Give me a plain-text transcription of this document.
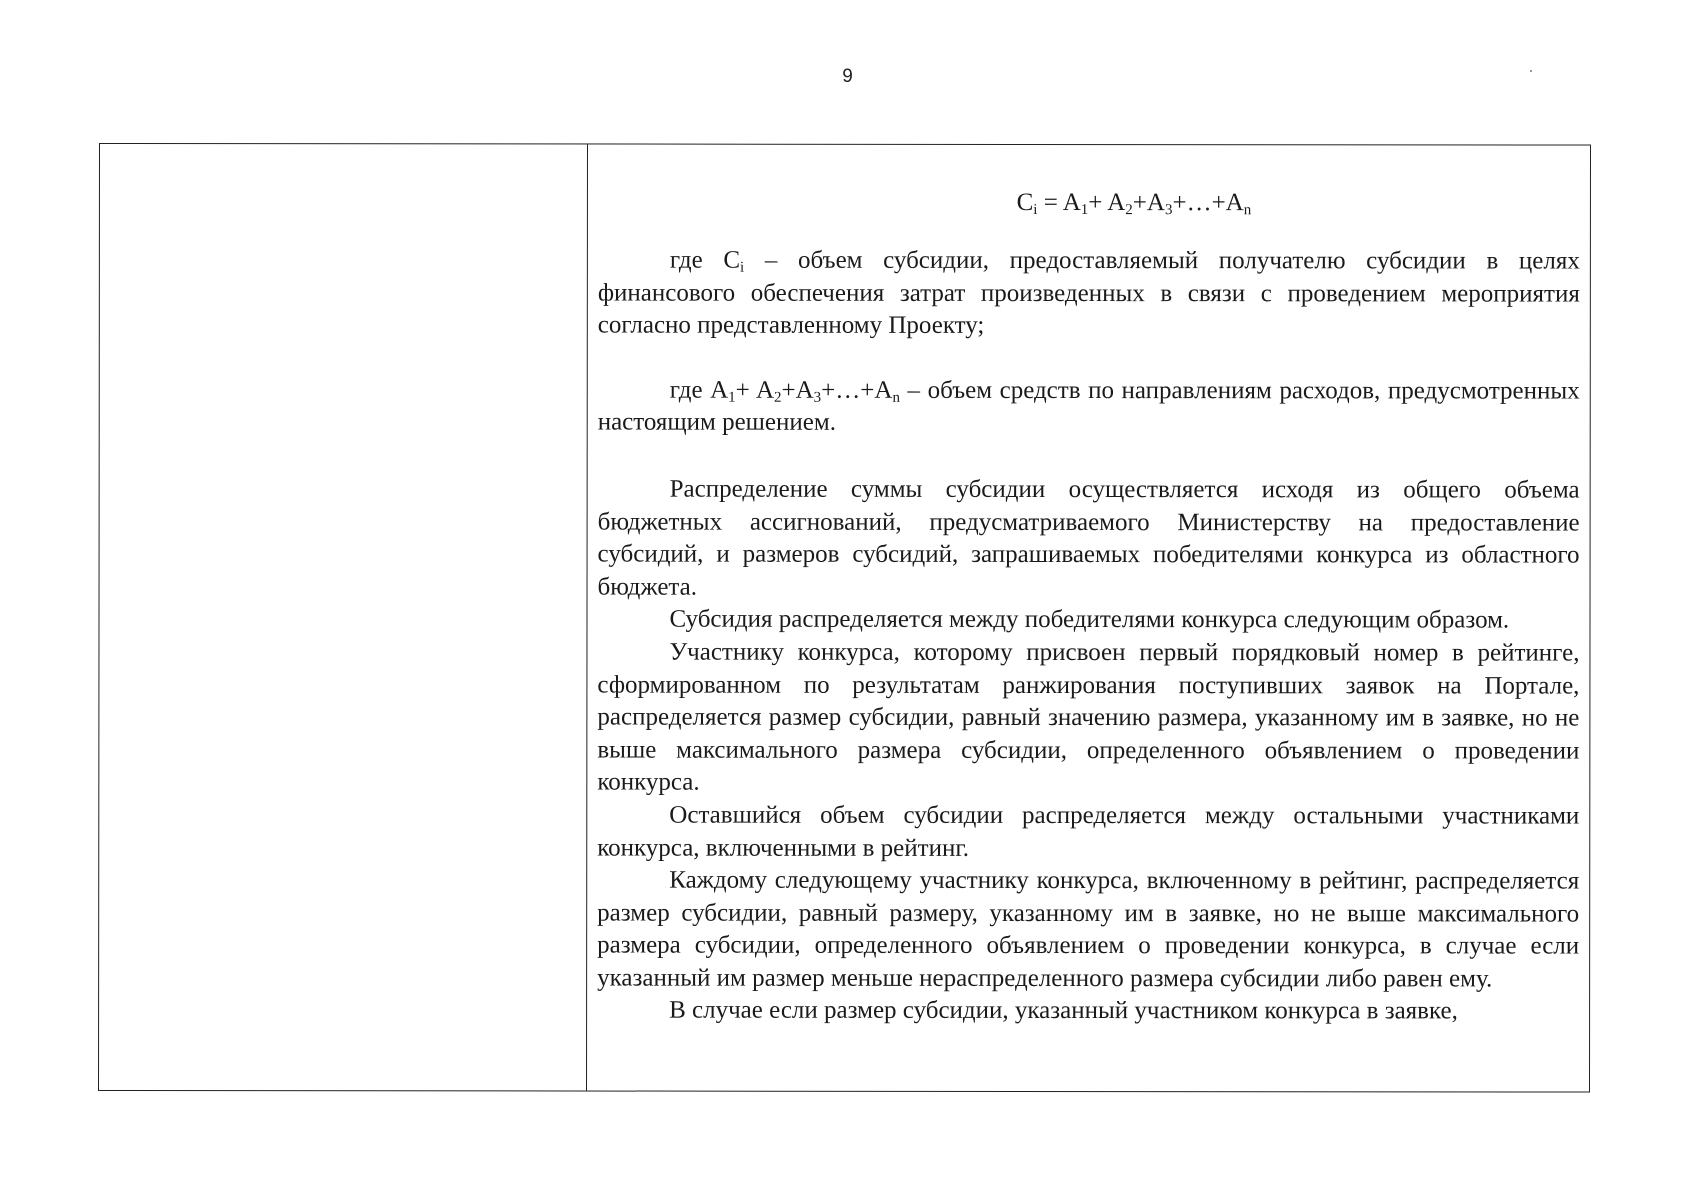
9
$C_i = A_1+$ $A_2+A_3+\dots+A_n$

где $C_i$ – объем субсидии, предоставляемый получателю субсидии в целях финансового обеспечения затрат произведенных в связи с проведением мероприятия согласно представленному Проекту;

где $A_1+$ $A_2+A_3+\dots+A_n$ – объем средств по направлениям расходов, предусмотренных настоящим решением.

Распределение суммы субсидии осуществляется исходя из общего объема бюджетных ассигнований, предусматриваемого Министерству на предоставление субсидий, и размеров субсидий, запрашиваемых победителями конкурса из областного бюджета.

Субсидия распределяется между победителями конкурса следующим образом.

Участнику конкурса, которому присвоен первый порядковый номер в рейтинге, сформированном по результатам ранжирования поступивших заявок на Портале, распределяется размер субсидии, равный значению размера, указанному им в заявке, но не выше максимального размера субсидии, определенного объявлением о проведении конкурса.

Оставшийся объем субсидии распределяется между остальными участниками конкурса, включенными в рейтинг.

Каждому следующему участнику конкурса, включенному в рейтинг, распределяется размер субсидии, равный размеру, указанному им в заявке, но не выше максимального размера субсидии, определенного объявлением о проведении конкурса, в случае если указанный им размер меньше нераспределенного размера субсидии либо равен ему.

В случае если размер субсидии, указанный участником конкурса в заявке,
